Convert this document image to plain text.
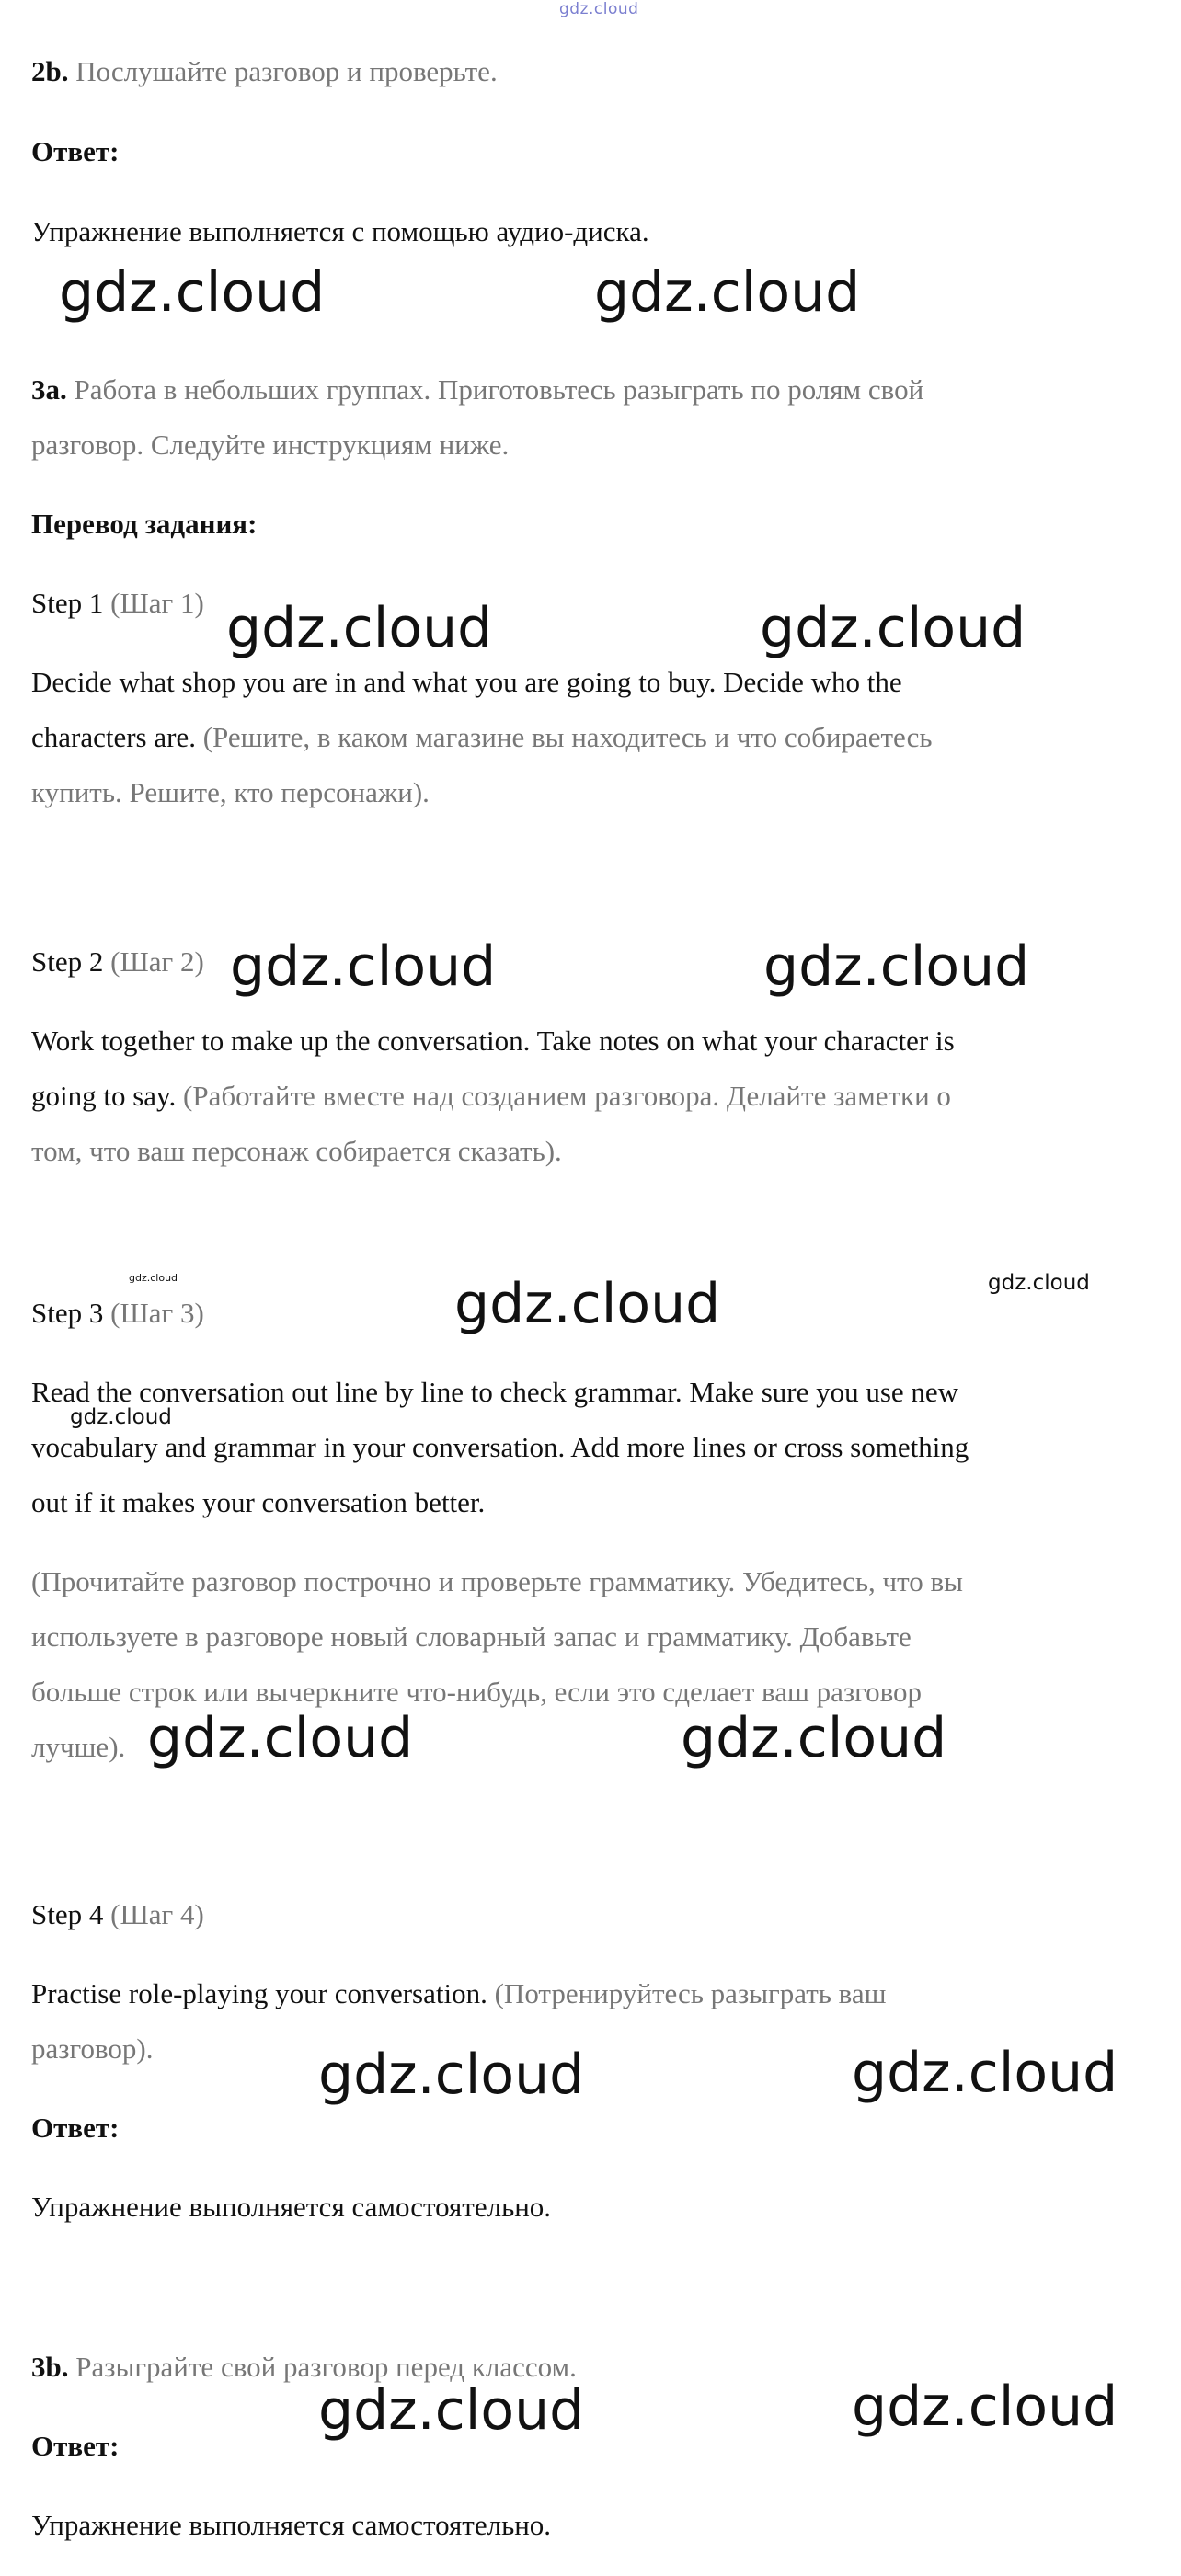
gdz.cloud
2b. Послушайте разговор и проверьте.
Ответ:
Упражнение выполняется с помощью аудио-диска.
gdz.cloud	gdz.cloud
3a. Работа в небольших группах. Приготовьтесь разыграть по ролям свой
разговор. Следуйте инструкциям ниже.
Перевод задания:
Step 1 (Шаг 1) gdz.cloud	gdz.cloud
Decide what shop you are in and what you are going to buy. Decide who the
characters are. (Решите, в каком магазине вы находитесь и что собираетесь
купить. Решите, кто персонажи).
Step 2 (Шаг 2) gdz.cloud	gdz.cloud
Work together to make up the conversation. Take notes on what your character is
going to say. (Работайте вместе над созданием разговора. Делайте заметки о
том, что ваш персонаж собирается сказать).
gdz.cloud	gdz.cloud
Step 3 (Шаг 3)	gdz.cloud
Read the conversation out line by line to check grammar. Make sure you use new
gdz.cloud
vocabulary and grammar in your conversation. Add more lines or cross something
out if it makes your conversation better.
(Прочитайте разговор построчно и проверьте грамматику. Убедитесь, что вы
используете в разговоре новый словарный запас и грамматику. Добавьте
больше строк или вычеркните что-нибудь, если это сделает ваш разговор
лучше). gdz.cloud	gdz.cloud
Step 4 (Шаг 4)
Practise role-playing your conversation. (Потренируйтесь разыграть ваш
разговор).	gdz.cloud	gdz.cloud
Ответ:
Упражнение выполняется самостоятельно.
3b. Разыграйте свой разговор перед классом.
gdz.cloud	gdz.cloud
Ответ:
Упражнение выполняется самостоятельно.
